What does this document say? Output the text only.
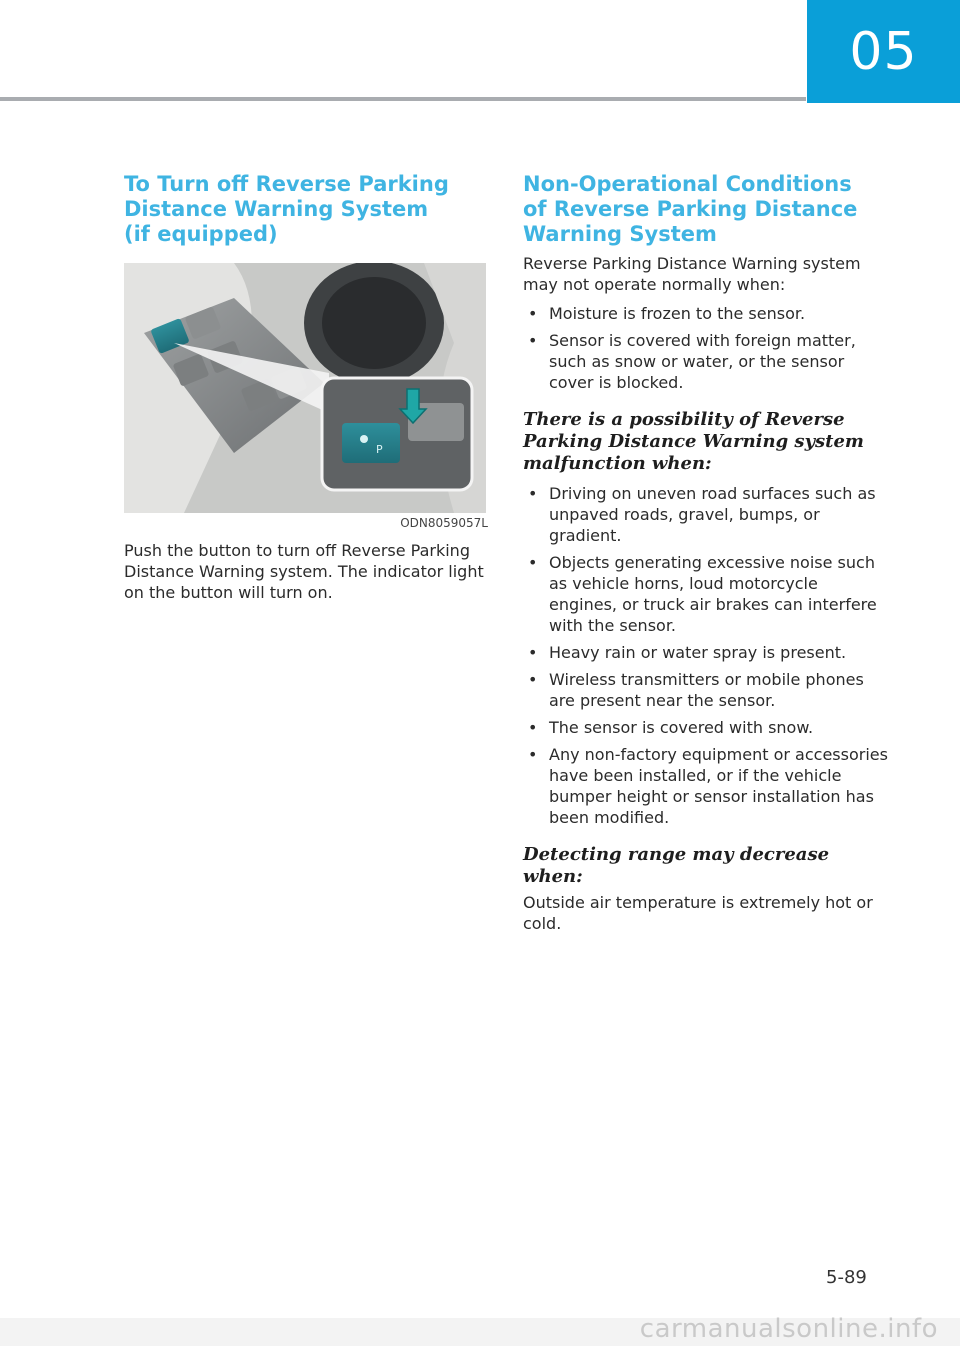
05
To Turn off Reverse Parking
Distance Warning System
(if equipped)
P
ODN8059057L

Push the button to turn off Reverse Parking Distance Warning system. The indicator light on the button will turn on.

Non-Operational Conditions
of Reverse Parking Distance
Warning System

Reverse Parking Distance Warning system may not operate normally when:

• Moisture is frozen to the sensor.
• Sensor is covered with foreign matter, such as snow or water, or the sensor cover is blocked.
There is a possibility of Reverse Parking Distance Warning system malfunction when:
• Driving on uneven road surfaces such as unpaved roads, gravel, bumps, or gradient.
• Objects generating excessive noise such as vehicle horns, loud motorcycle engines, or truck air brakes can interfere with the sensor.
• Heavy rain or water spray is present.
• Wireless transmitters or mobile phones are present near the sensor.
• The sensor is covered with snow.
• Any non-factory equipment or accessories have been installed, or if the vehicle bumper height or sensor installation has been modified.
Detecting range may decrease when:

Outside air temperature is extremely hot or cold.

5-89
carmanualsonline.info
